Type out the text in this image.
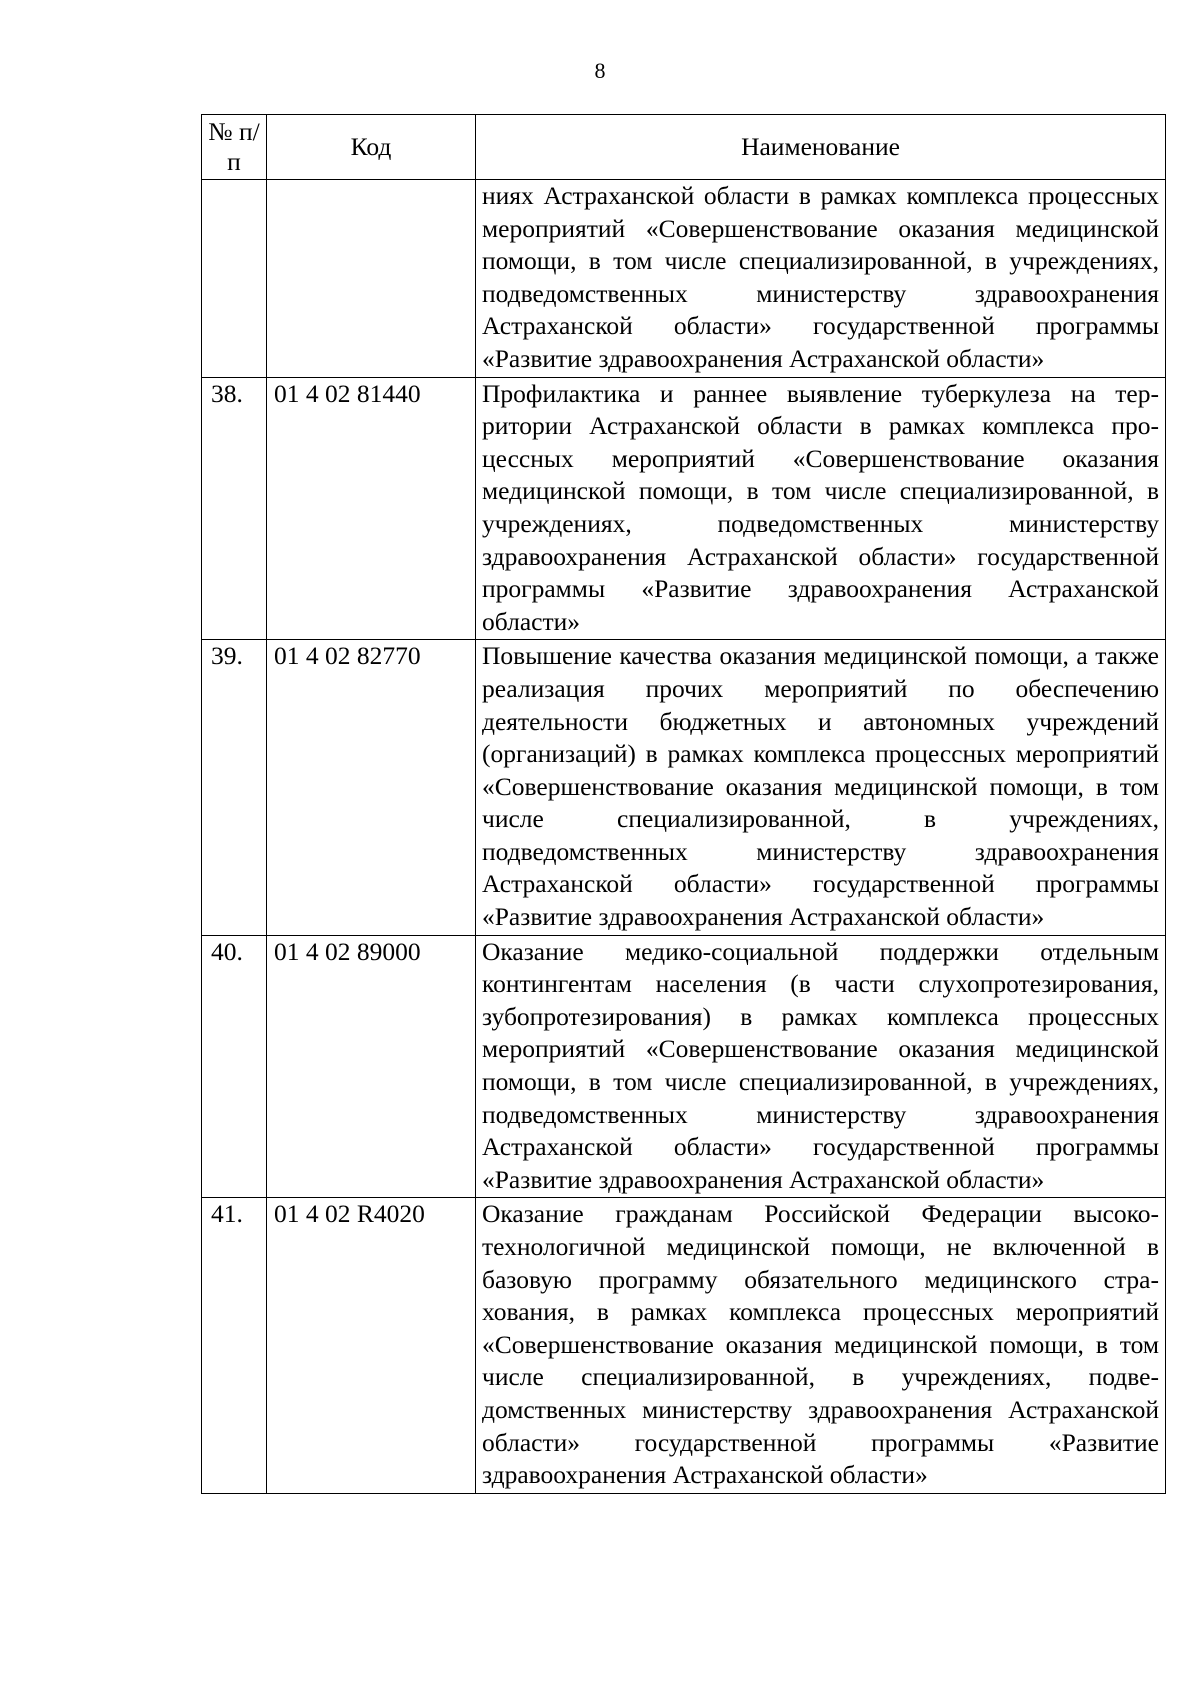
8
№ п/п	Код	Наименование
		ниях Астраханской области в рамках комплекса процессных мероприятий «Совершенствование оказания медицинской помощи, в том числе специализированной, в учреждениях, подведомственных министерству здравоохранения Астраханской области» государственной программы «Развитие здравоохранения Астраханской области»
38.	01 4 02 81440	Профилактика и раннее выявление туберкулеза на территории Астраханской области в рамках комплекса процессных мероприятий «Совершенствование оказания медицинской помощи, в том числе специализированной, в учреждениях, подведомственных министерству здравоохранения Астраханской области» государственной программы «Развитие здравоохранения Астраханской области»
39.	01 4 02 82770	Повышение качества оказания медицинской помощи, а также реализация прочих мероприятий по обеспечению деятельности бюджетных и автономных учреждений (организаций) в рамках комплекса процессных мероприятий «Совершенствование оказания медицинской помощи, в том числе специализированной, в учреждениях, подведомственных министерству здравоохранения Астраханской области» государственной программы «Развитие здравоохранения Астраханской области»
40.	01 4 02 89000	Оказание медико-социальной поддержки отдельным контингентам населения (в части слухопротезирования, зубопротезирования) в рамках комплекса процессных мероприятий «Совершенствование оказания медицинской помощи, в том числе специализированной, в учреждениях, подведомственных министерству здравоохранения Астраханской области» государственной программы «Развитие здравоохранения Астраханской области»
41.	01 4 02 R4020	Оказание гражданам Российской Федерации высокотехнологичной медицинской помощи, не включенной в базовую программу обязательного медицинского страхования, в рамках комплекса процессных мероприятий «Совершенствование оказания медицинской помощи, в том числе специализированной, в учреждениях, подведомственных министерству здравоохранения Астраханской области» государственной программы «Развитие здравоохранения Астраханской области»
